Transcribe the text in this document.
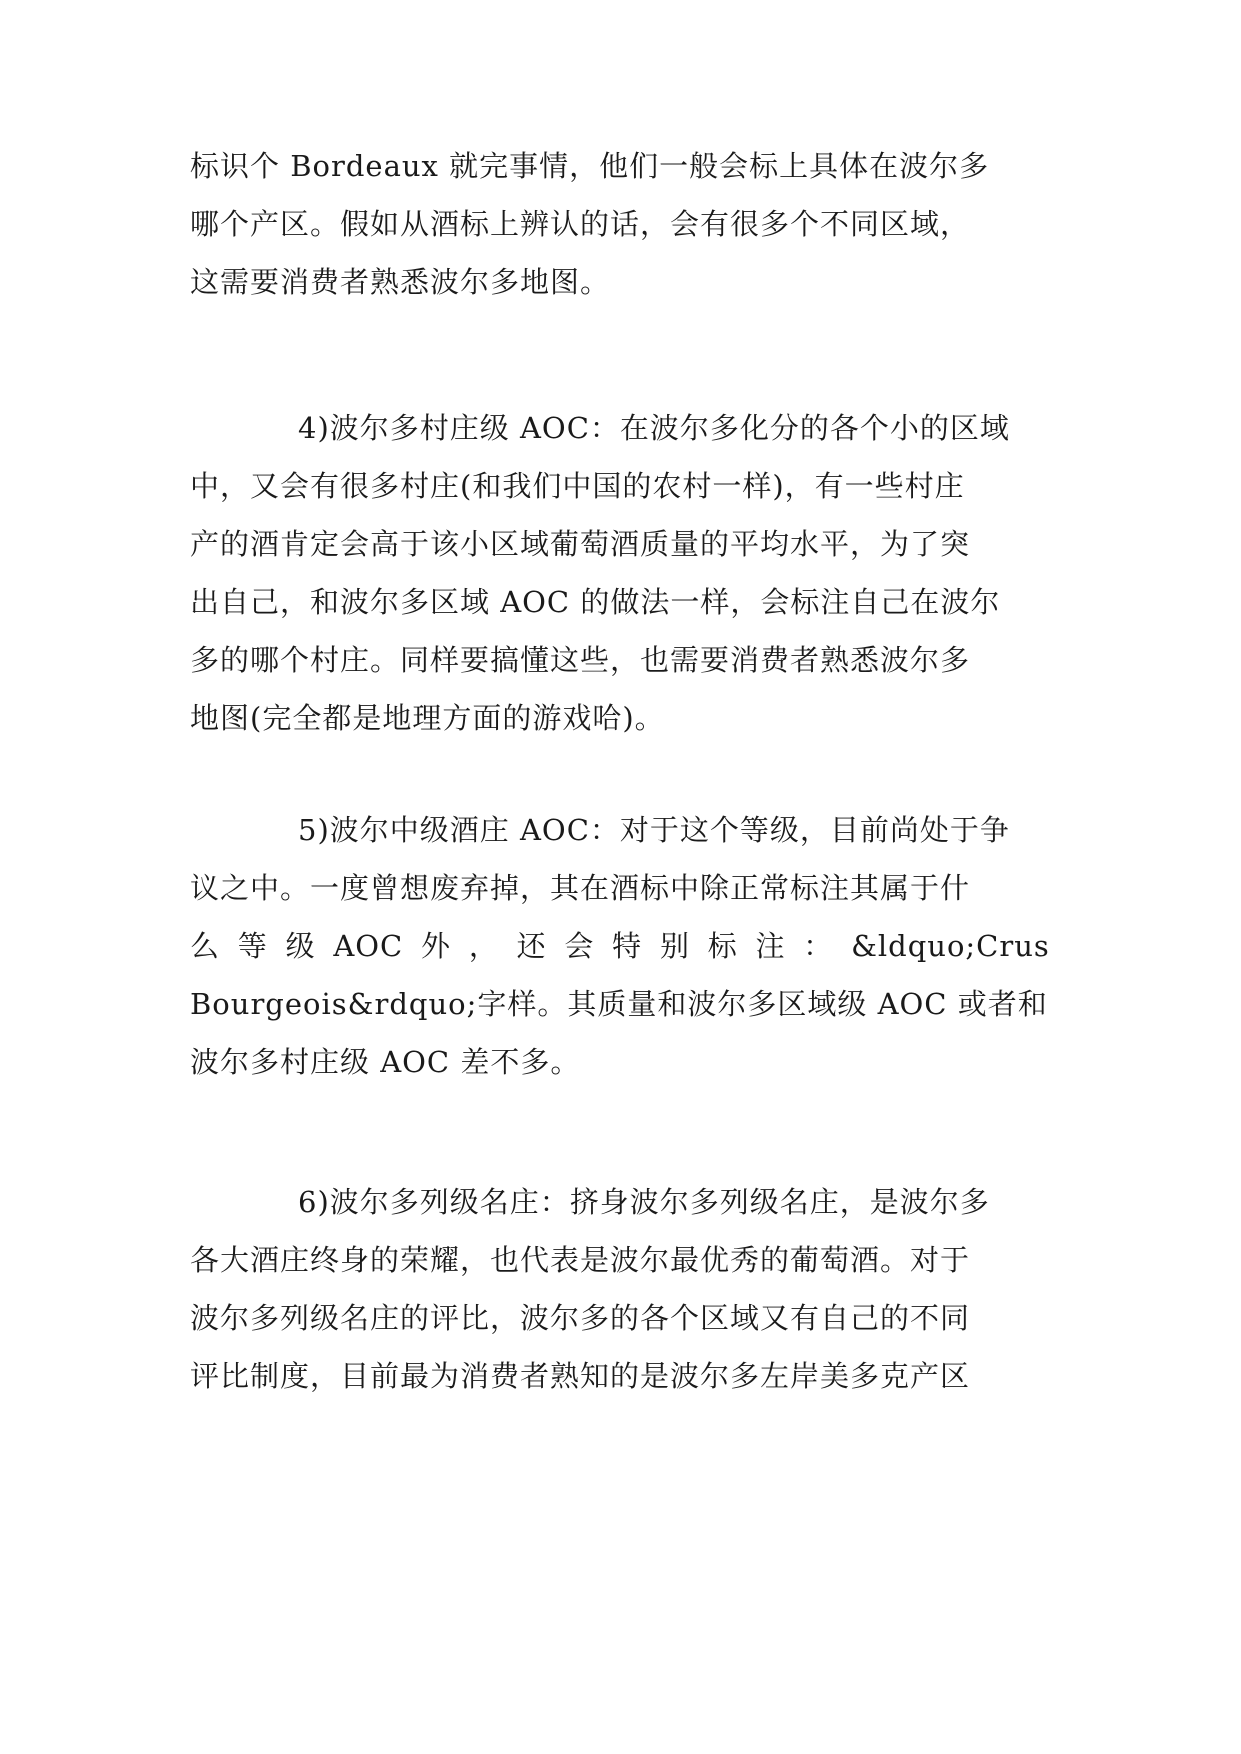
标识个 Bordeaux 就完事情，他们一般会标上具体在波尔多
哪个产区。假如从酒标上辨认的话，会有很多个不同区域，
这需要消费者熟悉波尔多地图。
4)波尔多村庄级 AOC：在波尔多化分的各个小的区域
中，又会有很多村庄(和我们中国的农村一样)，有一些村庄
产的酒肯定会高于该小区域葡萄酒质量的平均水平，为了突
出自己，和波尔多区域 AOC 的做法一样，会标注自己在波尔
多的哪个村庄。同样要搞懂这些，也需要消费者熟悉波尔多
地图(完全都是地理方面的游戏哈)。
5)波尔中级酒庄 AOC：对于这个等级，目前尚处于争
议之中。一度曾想废弃掉，其在酒标中除正常标注其属于什
么 等 级 AOC 外 ， 还 会 特 别 标 注 ： &ldquo;Crus
Bourgeois&rdquo;字样。其质量和波尔多区域级 AOC 或者和
波尔多村庄级 AOC 差不多。
6)波尔多列级名庄：挤身波尔多列级名庄，是波尔多
各大酒庄终身的荣耀，也代表是波尔最优秀的葡萄酒。对于
波尔多列级名庄的评比，波尔多的各个区域又有自己的不同
评比制度，目前最为消费者熟知的是波尔多左岸美多克产区
